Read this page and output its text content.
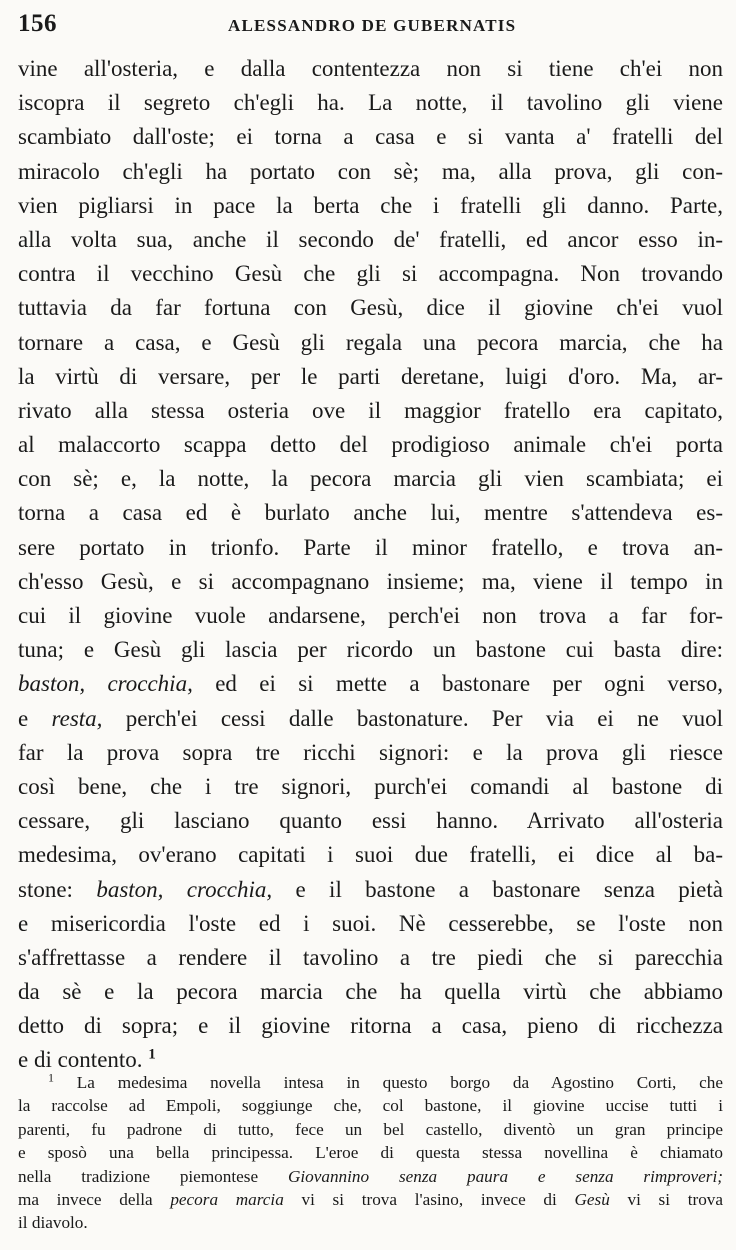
156	ALESSANDRO DE GUBERNATIS
vine all'osteria, e dalla contentezza non si tiene ch'ei non
iscopra il segreto ch'egli ha. La notte, il tavolino gli viene
scambiato dall'oste; ei torna a casa e si vanta a' fratelli del
miracolo ch'egli ha portato con sè; ma, alla prova, gli con-
vien pigliarsi in pace la berta che i fratelli gli danno. Parte,
alla volta sua, anche il secondo de' fratelli, ed ancor esso in-
contra il vecchino Gesù che gli si accompagna. Non trovando
tuttavia da far fortuna con Gesù, dice il giovine ch'ei vuol
tornare a casa, e Gesù gli regala una pecora marcia, che ha
la virtù di versare, per le parti deretane, luigi d'oro. Ma, ar-
rivato alla stessa osteria ove il maggior fratello era capitato,
al malaccorto scappa detto del prodigioso animale ch'ei porta
con sè; e, la notte, la pecora marcia gli vien scambiata; ei
torna a casa ed è burlato anche lui, mentre s'attendeva es-
sere portato in trionfo. Parte il minor fratello, e trova an-
ch'esso Gesù, e si accompagnano insieme; ma, viene il tempo in
cui il giovine vuole andarsene, perch'ei non trova a far for-
tuna; e Gesù gli lascia per ricordo un bastone cui basta dire:
baston, crocchia, ed ei si mette a bastonare per ogni verso,
e resta, perch'ei cessi dalle bastonature. Per via ei ne vuol
far la prova sopra tre ricchi signori: e la prova gli riesce
così bene, che i tre signori, purch'ei comandi al bastone di
cessare, gli lasciano quanto essi hanno. Arrivato all'osteria
medesima, ov'erano capitati i suoi due fratelli, ei dice al ba-
stone: baston, crocchia, e il bastone a bastonare senza pietà
e misericordia l'oste ed i suoi. Nè cesserebbe, se l'oste non
s'affrettasse a rendere il tavolino a tre piedi che si parecchia
da sè e la pecora marcia che ha quella virtù che abbiamo
detto di sopra; e il giovine ritorna a casa, pieno di ricchezza
e di contento. $^1$
$^1$ La medesima novella intesa in questo borgo da Agostino Corti, che
la raccolse ad Empoli, soggiunge che, col bastone, il giovine uccise tutti i
parenti, fu padrone di tutto, fece un bel castello, diventò un gran principe
e sposò una bella principessa. L'eroe di questa stessa novellina è chiamato
nella tradizione piemontese Giovannino senza paura e senza rimproveri;
ma invece della pecora marcia vi si trova l'asino, invece di Gesù vi si trova
il diavolo.
